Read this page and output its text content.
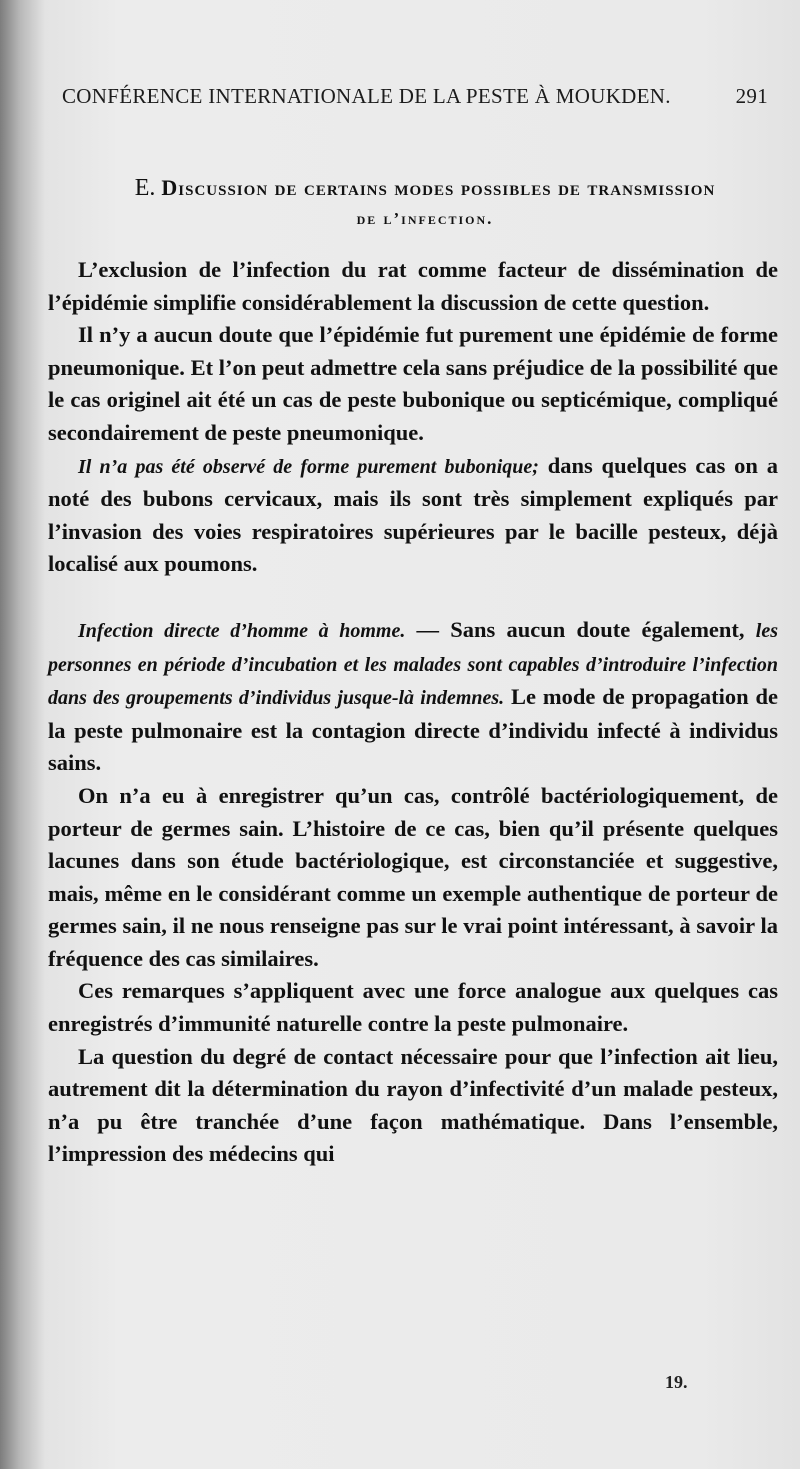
CONFÉRENCE INTERNATIONALE DE LA PESTE À MOUKDEN.	291
E. Discussion de certains modes possibles de transmission
de l’infection.

L’exclusion de l’infection du rat comme facteur de dissémination de l’épidémie simplifie considérablement la discussion de cette question.

Il n’y a aucun doute que l’épidémie fut purement une épidémie de forme pneumonique. Et l’on peut admettre cela sans préjudice de la possibilité que le cas originel ait été un cas de peste bubonique ou septicémique, compliqué secondairement de peste pneumonique.

Il n’a pas été observé de forme purement bubonique; dans quelques cas on a noté des bubons cervicaux, mais ils sont très simplement expliqués par l’invasion des voies respiratoires supérieures par le bacille pesteux, déjà localisé aux poumons.

Infection directe d’homme à homme. — Sans aucun doute également, les personnes en période d’incubation et les malades sont capables d’introduire l’infection dans des groupements d’individus jusque-là indemnes. Le mode de propagation de la peste pulmonaire est la contagion directe d’individu infecté à individus sains.

On n’a eu à enregistrer qu’un cas, contrôlé bactériologiquement, de porteur de germes sain. L’histoire de ce cas, bien qu’il présente quelques lacunes dans son étude bactériologique, est circonstanciée et suggestive, mais, même en le considérant comme un exemple authentique de porteur de germes sain, il ne nous renseigne pas sur le vrai point intéressant, à savoir la fréquence des cas similaires.

Ces remarques s’appliquent avec une force analogue aux quelques cas enregistrés d’immunité naturelle contre la peste pulmonaire.

La question du degré de contact nécessaire pour que l’infection ait lieu, autrement dit la détermination du rayon d’infectivité d’un malade pesteux, n’a pu être tranchée d’une façon mathématique. Dans l’ensemble, l’impression des médecins qui

19.
